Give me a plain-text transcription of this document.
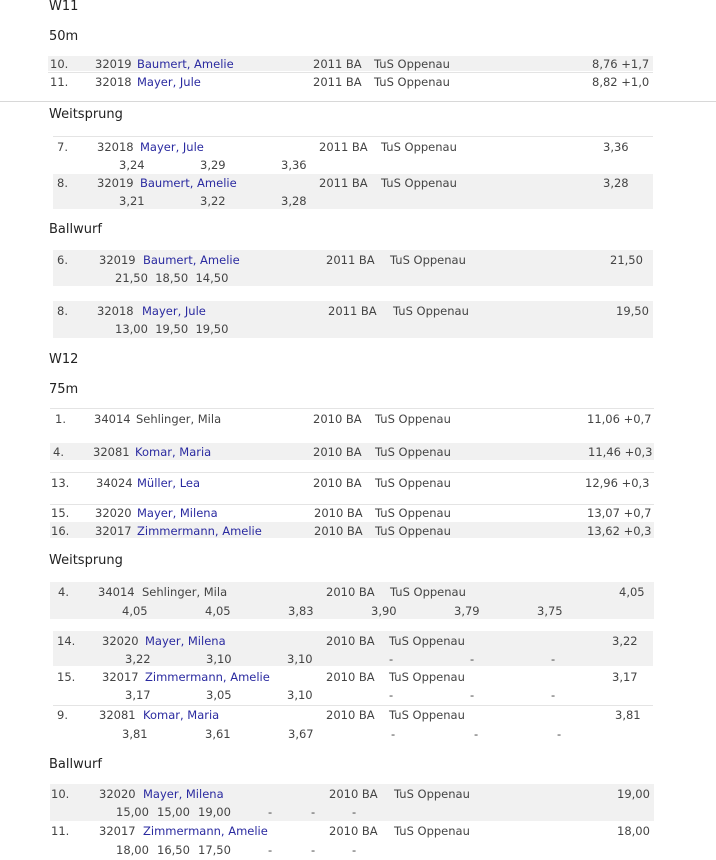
W11
50m
10. 32019 Baumert, Amelie	2011 BA TuS Oppenau	8,76 +1,7
11. 32018 Mayer, Jule	2011 BA TuS Oppenau	8,82 +1,0
Weitsprung
7.	32018 Mayer, Jule	2011 BA TuS Oppenau	3,36
3,24	3,29	3,36
8.	32019 Baumert, Amelie	2011 BA TuS Oppenau	3,28
3,21	3,22	3,28
Ballwurf
6.	32019 Baumert, Amelie	2011 BA TuS Oppenau	21,50
21,50  18,50  14,50
8.	32018 Mayer, Jule	2011 BA TuS Oppenau	19,50
13,00  19,50  19,50
W12
75m
1. 34014 Sehlinger, Mila	2010 BA TuS Oppenau	11,06 +0,7
4.	32081 Komar, Maria	2010 BA TuS Oppenau	11,46 +0,3
13. 34024 Müller, Lea	2010 BA TuS Oppenau	12,96 +0,3
15. 32020 Mayer, Milena	2010 BA TuS Oppenau	13,07 +0,7
16. 32017 Zimmermann, Amelie	2010 BA TuS Oppenau	13,62 +0,3
Weitsprung
4.	34014 Sehlinger, Mila	2010 BA TuS Oppenau	4,05
4,05	4,05	3,83	3,90	3,79	3,75
14. 32020 Mayer, Milena	2010 BA TuS Oppenau	3,22
3,22	3,10	3,10	-	-	-
15. 32017 Zimmermann, Amelie	2010 BA TuS Oppenau	3,17
3,17	3,05	3,10	-	-	-
9.	32081 Komar, Maria	2010 BA TuS Oppenau	3,81
3,81	3,61	3,67	-	-	-
Ballwurf
10.	32020 Mayer, Milena	2010 BA TuS Oppenau	19,00
15,00 15,00 19,00	-	-	-
11.	32017 Zimmermann, Amelie	2010 BA TuS Oppenau	18,00
18,00 16,50 17,50	-	-	-
